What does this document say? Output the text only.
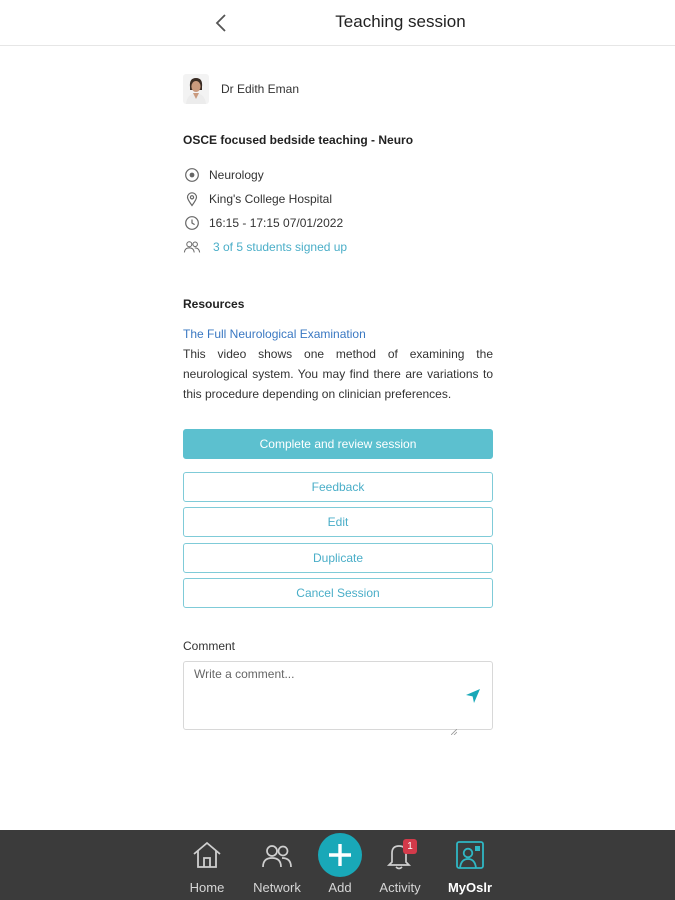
Teaching session
Dr Edith Eman
OSCE focused bedside teaching - Neuro
Neurology
King's College Hospital
16:15 - 17:15 07/01/2022
3 of 5 students signed up
Resources
The Full Neurological Examination
This video shows one method of examining the neurological system. You may find there are variations to this procedure depending on clinician preferences.
Complete and review session
Feedback
Edit
Duplicate
Cancel Session
Comment
Write a comment...
Home	Network	Add	Activity
1
MyOslr
